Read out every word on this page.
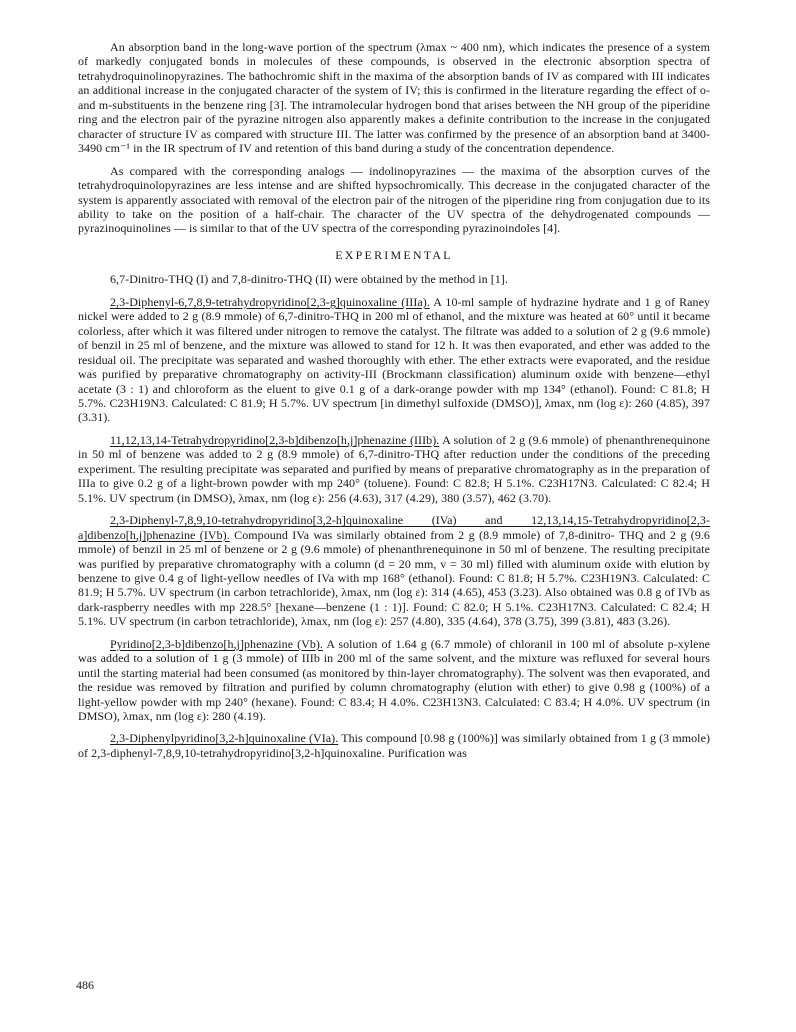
An absorption band in the long-wave portion of the spectrum (λmax ~ 400 nm), which indicates the presence of a system of markedly conjugated bonds in molecules of these compounds, is observed in the electronic absorption spectra of tetrahydroquinolinopyrazines. The bathochromic shift in the maxima of the absorption bands of IV as compared with III indicates an additional increase in the conjugated character of the system of IV; this is confirmed in the literature regarding the effect of o- and m-substituents in the benzene ring [3]. The intramolecular hydrogen bond that arises between the NH group of the piperidine ring and the electron pair of the pyrazine nitrogen also apparently makes a definite contribution to the increase in the conjugated character of structure IV as compared with structure III. The latter was confirmed by the presence of an absorption band at 3400-3490 cm⁻¹ in the IR spectrum of IV and retention of this band during a study of the concentration dependence.

As compared with the corresponding analogs — indolinopyrazines — the maxima of the absorption curves of the tetrahydroquinolopyrazines are less intense and are shifted hypsochromically. This decrease in the conjugated character of the system is apparently associated with removal of the electron pair of the nitrogen of the piperidine ring from conjugation due to its ability to take on the position of a half-chair. The character of the UV spectra of the dehydrogenated compounds — pyrazinoquinolines — is similar to that of the UV spectra of the corresponding pyrazinoindoles [4].

EXPERIMENTAL

6,7-Dinitro-THQ (I) and 7,8-dinitro-THQ (II) were obtained by the method in [1].

2,3-Diphenyl-6,7,8,9-tetrahydropyridino[2,3-g]quinoxaline (IIIa). A 10-ml sample of hydrazine hydrate and 1 g of Raney nickel were added to 2 g (8.9 mmole) of 6,7-dinitro-THQ in 200 ml of ethanol, and the mixture was heated at 60° until it became colorless, after which it was filtered under nitrogen to remove the catalyst. The filtrate was added to a solution of 2 g (9.6 mmole) of benzil in 25 ml of benzene, and the mixture was allowed to stand for 12 h. It was then evaporated, and ether was added to the residual oil. The precipitate was separated and washed thoroughly with ether. The ether extracts were evaporated, and the residue was purified by preparative chromatography on activity-III (Brockmann classification) aluminum oxide with benzene—ethyl acetate (3 : 1) and chloroform as the eluent to give 0.1 g of a dark-orange powder with mp 134° (ethanol). Found: C 81.8; H 5.7%. C23H19N3. Calculated: C 81.9; H 5.7%. UV spectrum [in dimethyl sulfoxide (DMSO)], λmax, nm (log ε): 260 (4.85), 397 (3.31).

11,12,13,14-Tetrahydropyridino[2,3-b]dibenzo[h,j]phenazine (IIIb). A solution of 2 g (9.6 mmole) of phenanthrenequinone in 50 ml of benzene was added to 2 g (8.9 mmole) of 6,7-dinitro-THQ after reduction under the conditions of the preceding experiment. The resulting precipitate was separated and purified by means of preparative chromatography as in the preparation of IIIa to give 0.2 g of a light-brown powder with mp 240° (toluene). Found: C 82.8; H 5.1%. C23H17N3. Calculated: C 82.4; H 5.1%. UV spectrum (in DMSO), λmax, nm (log ε): 256 (4.63), 317 (4.29), 380 (3.57), 462 (3.70).

2,3-Diphenyl-7,8,9,10-tetrahydropyridino[3,2-h]quinoxaline (IVa) and 12,13,14,15-Tetrahydropyridino[2,3-a]dibenzo[h,j]phenazine (IVb). Compound IVa was similarly obtained from 2 g (8.9 mmole) of 7,8-dinitro- THQ and 2 g (9.6 mmole) of benzil in 25 ml of benzene or 2 g (9.6 mmole) of phenanthrenequinone in 50 ml of benzene. The resulting precipitate was purified by preparative chromatography with a column (d = 20 mm, v = 30 ml) filled with aluminum oxide with elution by benzene to give 0.4 g of light-yellow needles of IVa with mp 168° (ethanol). Found: C 81.8; H 5.7%. C23H19N3. Calculated: C 81.9; H 5.7%. UV spectrum (in carbon tetrachloride), λmax, nm (log ε): 314 (4.65), 453 (3.23). Also obtained was 0.8 g of IVb as dark-raspberry needles with mp 228.5° [hexane—benzene (1 : 1)]. Found: C 82.0; H 5.1%. C23H17N3. Calculated: C 82.4; H 5.1%. UV spectrum (in carbon tetrachloride), λmax, nm (log ε): 257 (4.80), 335 (4.64), 378 (3.75), 399 (3.81), 483 (3.26).

Pyridino[2,3-b]dibenzo[h,j]phenazine (Vb). A solution of 1.64 g (6.7 mmole) of chloranil in 100 ml of absolute p-xylene was added to a solution of 1 g (3 mmole) of IIIb in 200 ml of the same solvent, and the mixture was refluxed for several hours until the starting material had been consumed (as monitored by thin-layer chromatography). The solvent was then evaporated, and the residue was removed by filtration and purified by column chromatography (elution with ether) to give 0.98 g (100%) of a light-yellow powder with mp 240° (hexane). Found: C 83.4; H 4.0%. C23H13N3. Calculated: C 83.4; H 4.0%. UV spectrum (in DMSO), λmax, nm (log ε): 280 (4.19).

2,3-Diphenylpyridino[3,2-h]quinoxaline (VIa). This compound [0.98 g (100%)] was similarly obtained from 1 g (3 mmole) of 2,3-diphenyl-7,8,9,10-tetrahydropyridino[3,2-h]quinoxaline. Purification was

486
